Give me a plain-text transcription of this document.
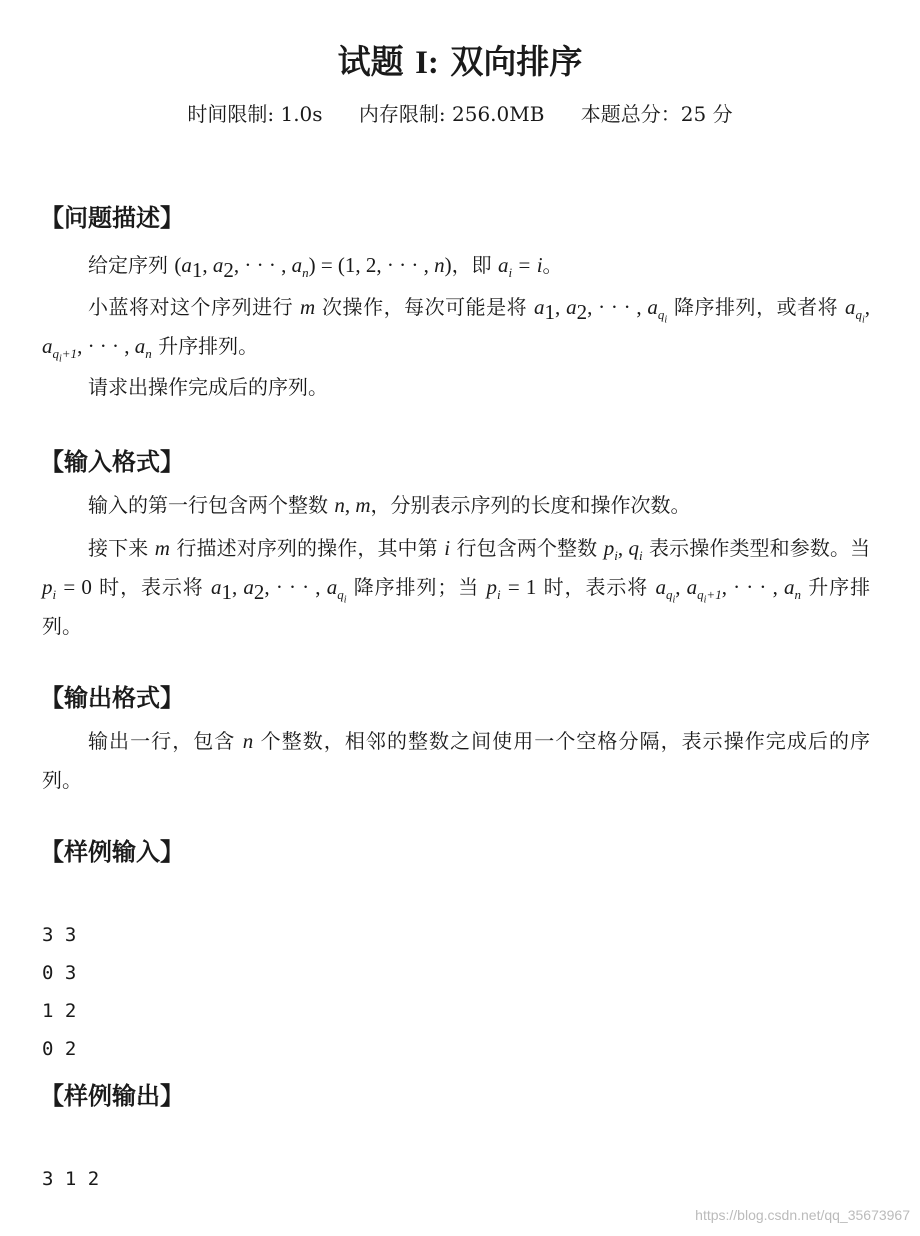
试题 I: 双向排序
时间限制: 1.0s 内存限制: 256.0MB 本题总分：25 分
【问题描述】
给定序列 ($a_1$, $a_2$, · · · , $a_n) = (1$, 2, · · · , n)，即 $a_i = i$。
小蓝将对这个序列进行 m 次操作，每次可能是将 $a_1$, $a_2$, · · · , $a_{q_i}$ 降序排列，或者将 $a_{q_i}$, $a_{q_i+1}$, · · · , $a_n$ 升序排列。
请求出操作完成后的序列。
【输入格式】
输入的第一行包含两个整数 n, m，分别表示序列的长度和操作次数。
接下来 m 行描述对序列的操作，其中第 i 行包含两个整数 $p_i$, $q_i$ 表示操作类型和参数。当 $p_i = 0$ 时，表示将 $a_1$, $a_2$, · · · , $a_{q_i}$ 降序排列；当 $p_i = 1$ 时，表示将 $a_{q_i}$, $a_{q_i+1}$, · · · , $a_n$ 升序排列。
【输出格式】
输出一行，包含 n 个整数，相邻的整数之间使用一个空格分隔，表示操作完成后的序列。
【样例输入】

3 3
0 3
1 2
0 2

【样例输出】

3 1 2

https://blog.csdn.net/qq_35673967
